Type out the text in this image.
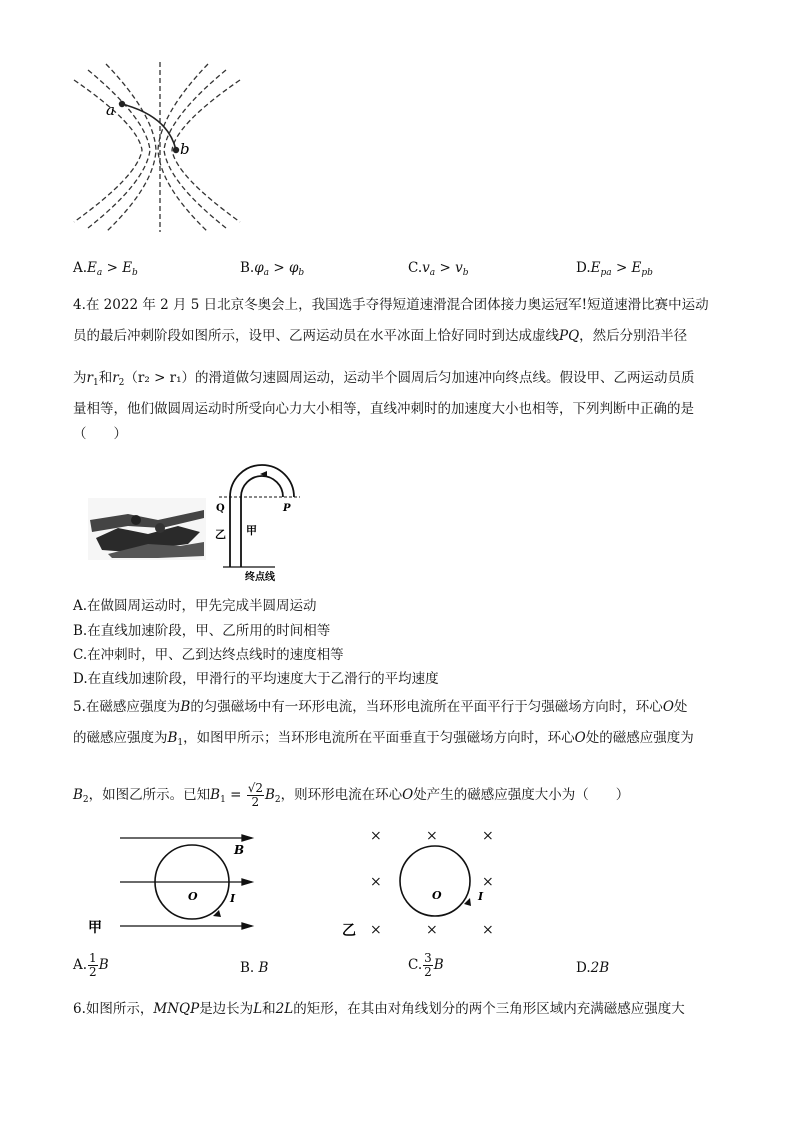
a
b
$A.E_a > E_b$	$B.\varphi_a > \varphi_b$	$C.v_a > v_b$	$D.E_{pa} > E_{pb}$
4.在 2022 年 2 月 5 日北京冬奥会上，我国选手夺得短道速滑混合团体接力奥运冠军!短道速滑比赛中运动
员的最后冲刺阶段如图所示，设甲、乙两运动员在水平冰面上恰好同时到达成虚线PQ，然后分别沿半径
为$r_1$和$r_2(r_2 > r_1)$的滑道做匀速圆周运动，运动半个圆周后匀加速冲向终点线。假设甲、乙两运动员质
量相等，他们做圆周运动时所受向心力大小相等，直线冲刺时的加速度大小也相等，下列判断中正确的是
（　　）
Q	P
甲
乙
终点线
A.在做圆周运动时，甲先完成半圆周运动
B.在直线加速阶段，甲、乙所用的时间相等
C.在冲刺时，甲、乙到达终点线时的速度相等
D.在直线加速阶段，甲滑行的平均速度大于乙滑行的平均速度
5.在磁感应强度为B的匀强磁场中有一环形电流，当环形电流所在平面平行于匀强磁场方向时，环心O处
的磁感应强度为$B_1$，如图甲所示；当环形电流所在平面垂直于匀强磁场方向时，环心O处的磁感应强度为
$B_2$，如图乙所示。已知$B_1 = \frac{√2}{2} B_2$，则环形电流在环心O处产生的磁感应强度大小为（　　）
B
O	I
甲
×	×	×
×	×
×	×	×
O	I
乙
A. $\frac{1}{2}$ B	B. B	C. $\frac{3}{2}$ B	D.2B
6.如图所示，MNQP是边长为L和2L的矩形，在其由对角线划分的两个三角形区域内充满磁感应强度大
